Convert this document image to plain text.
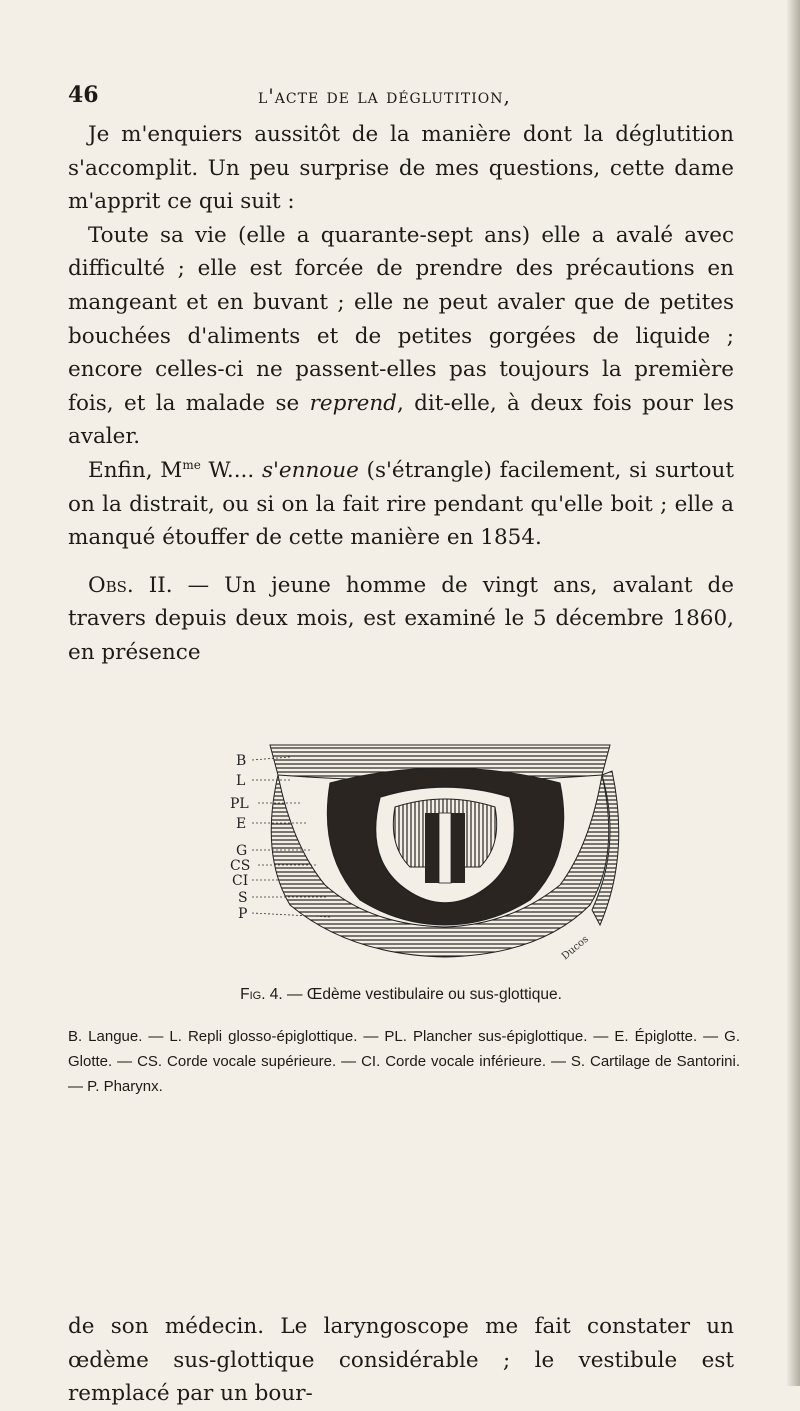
46	l'acte de la déglutition,

Je m'enquiers aussitôt de la manière dont la déglutition s'accomplit. Un peu surprise de mes questions, cette dame m'apprit ce qui suit :

Toute sa vie (elle a quarante-sept ans) elle a avalé avec difficulté ; elle est forcée de prendre des précautions en mangeant et en buvant ; elle ne peut avaler que de petites bouchées d'aliments et de petites gorgées de liquide ; encore celles-ci ne passent-elles pas toujours la première fois, et la malade se reprend, dit-elle, à deux fois pour les avaler.

Enfin, $M^{me}$ W.... s'ennoue (s'étrangle) facilement, si surtout on la distrait, ou si on la fait rire pendant qu'elle boit ; elle a manqué étouffer de cette manière en 1854.

Obs. II. — Un jeune homme de vingt ans, avalant de travers depuis deux mois, est examiné le 5 décembre 1860, en présence

B
L
PL
E
G
CS
CI
S
P
Ducos
Fig. 4. — Œdème vestibulaire ou sus-glottique.
B. Langue. — L. Repli glosso-épiglottique. — PL. Plancher sus-épiglottique. — E. Épiglotte. — G. Glotte. — CS. Corde vocale supérieure. — CI. Corde vocale inférieure. — S. Cartilage de Santorini. — P. Pharynx.

de son médecin. Le laryngoscope me fait constater un œdème sus-glottique considérable ; le vestibule est remplacé par un bour-
